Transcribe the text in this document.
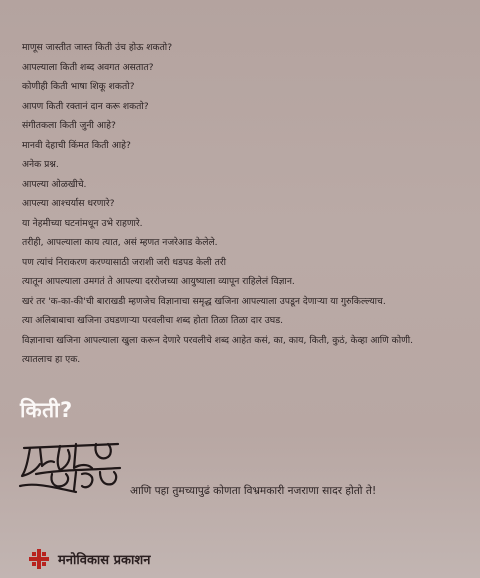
माणूस जास्तीत जास्त किती उंच होऊ शकतो?
आपल्याला किती शब्द अवगत असतात?
कोणीही किती भाषा शिकू शकतो?
आपण किती रक्तानं दान करू शकतो?
संगीतकला किती जुनी आहे?
मानवी देहाची किंमत किती आहे?
अनेक प्रश्न.
आपल्या ओळखीचे.
आपल्या आश्चर्यास धरणारे?
या नेहमीच्या घटनांमधून उभे राहणारे.
तरीही, आपल्याला काय त्यात, असं म्हणत नजरेआड केलेले.
पण त्यांचं निराकरण करण्यासाठी जराशी जरी धडपड केली तरी
त्यातून आपल्याला उमगतं ते आपल्या दररोजच्या आयुष्याला व्यापून राहिलेलं विज्ञान.
खरं तर 'क-का-की'ची बाराखडी म्हणजेच विज्ञानाचा समृद्ध खजिना आपल्याला उपडून देणाऱ्या या गुरुकिल्ल्याच.
त्या अलिबाबाचा खजिना उघडणाऱ्या परवलीचा शब्द होता तिळा तिळा दार उघड.
विज्ञानाचा खजिना आपल्याला खुला करून देणारे परवलीचे शब्द आहेत कसं, का, काय, किती, कुठं, केव्हा आणि कोणी.
त्यातलाच हा एक.
किती?
आणि पहा तुमच्यापुढं कोणता विभ्रमकारी नजराणा सादर होतो ते!
मनोविकास प्रकाशन
